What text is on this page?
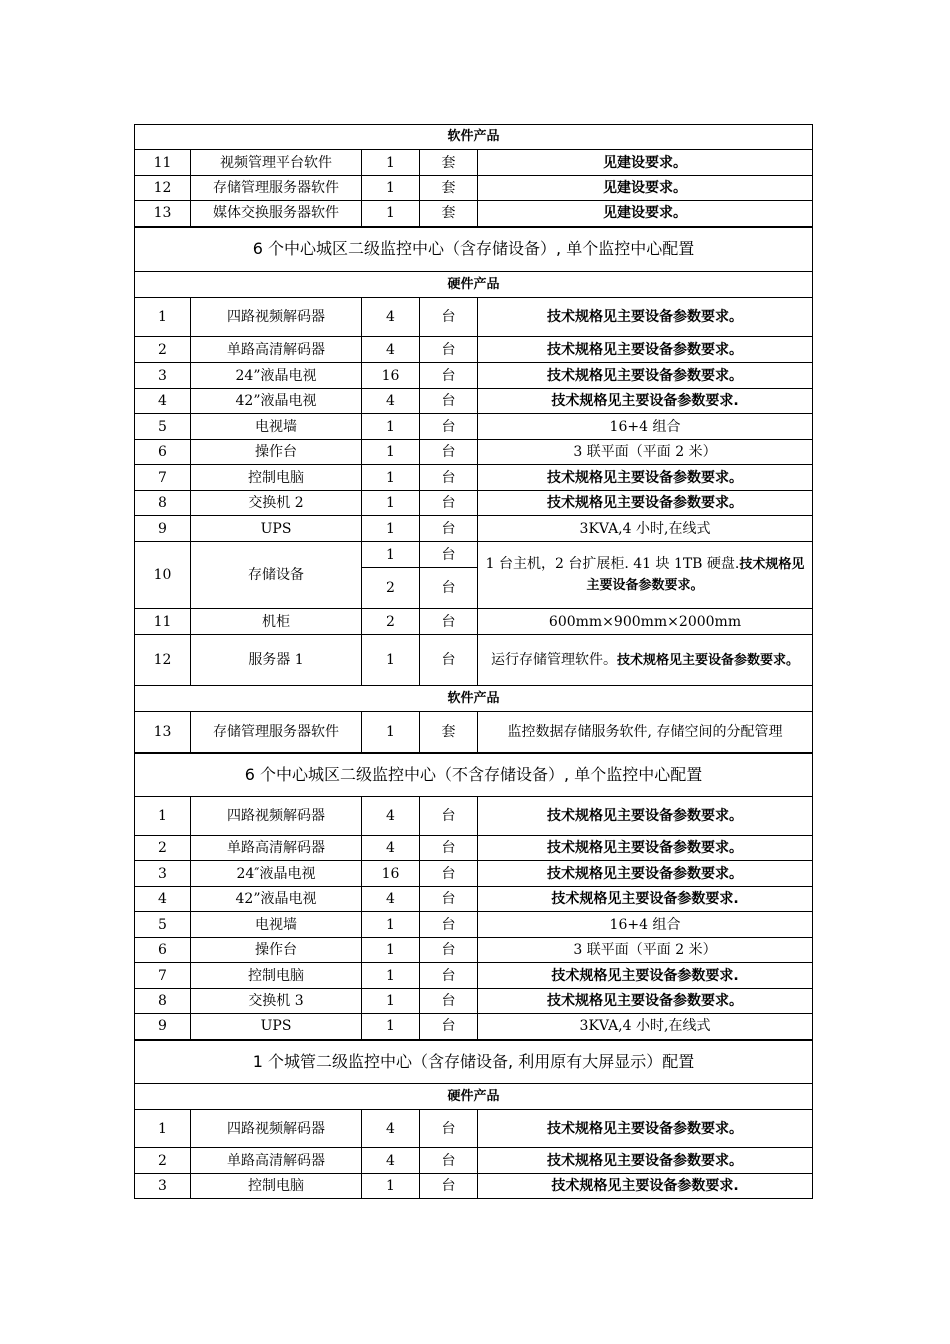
软件产品				
11	视频管理平台软件	1	套	见建设要求。
12	存储管理服务器软件	1	套	见建设要求。
13	媒体交换服务器软件	1	套	见建设要求。
6 个中心城区二级监控中心（含存储设备）, 单个监控中心配置				
硬件产品				
1	四路视频解码器	4	台	技术规格见主要设备参数要求。
2	单路高清解码器	4	台	技术规格见主要设备参数要求。
3	24”液晶电视	16	台	技术规格见主要设备参数要求。
4	42”液晶电视	4	台	技术规格见主要设备参数要求.
5	电视墙	1	台	16+4 组合
6	操作台	1	台	3 联平面（平面 2 米）
7	控制电脑	1	台	技术规格见主要设备参数要求。
8	交换机 2	1	台	技术规格见主要设备参数要求。
9	UPS	1	台	3KVA,4 小时,在线式
10	存储设备	1	台	1 台主机，2 台扩展柜. 41 块 1TB 硬盘.技术规格见主要设备参数要求。
		2	台	
11	机柜	2	台	600mm×900mm×2000mm
12	服务器 1	1	台	运行存储管理软件。技术规格见主要设备参数要求。
软件产品				
13	存储管理服务器软件	1	套	监控数据存储服务软件, 存储空间的分配管理
6 个中心城区二级监控中心（不含存储设备）, 单个监控中心配置				
1	四路视频解码器	4	台	技术规格见主要设备参数要求。
2	单路高清解码器	4	台	技术规格见主要设备参数要求。
3	24″液晶电视	16	台	技术规格见主要设备参数要求。
4	42”液晶电视	4	台	技术规格见主要设备参数要求.
5	电视墙	1	台	16+4 组合
6	操作台	1	台	3 联平面（平面 2 米）
7	控制电脑	1	台	技术规格见主要设备参数要求.
8	交换机 3	1	台	技术规格见主要设备参数要求。
9	UPS	1	台	3KVA,4 小时,在线式
1 个城管二级监控中心（含存储设备, 利用原有大屏显示）配置				
硬件产品				
1	四路视频解码器	4	台	技术规格见主要设备参数要求。
2	单路高清解码器	4	台	技术规格见主要设备参数要求。
3	控制电脑	1	台	技术规格见主要设备参数要求.
